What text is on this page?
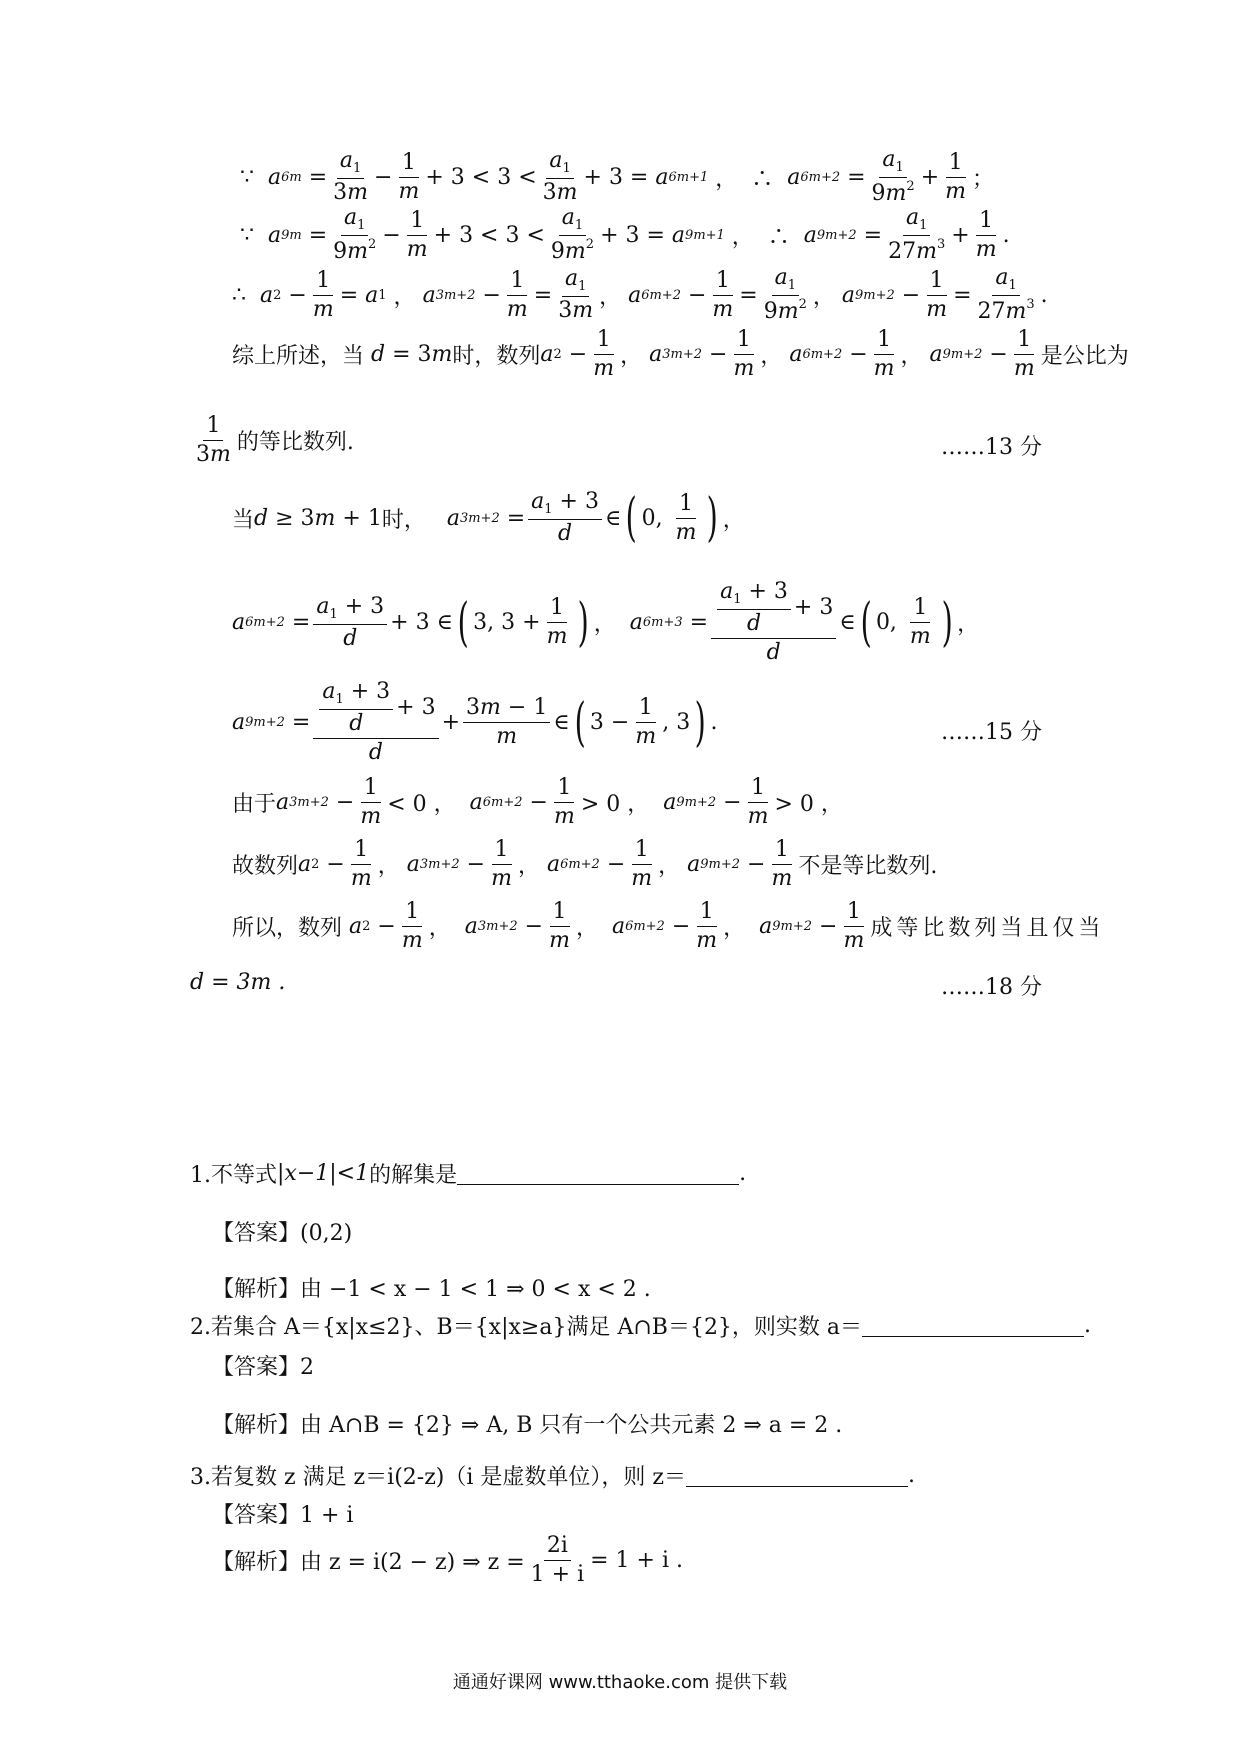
∵ a $6m = \frac{a_1}{3m} - \frac{1}{m} + 3 < 3 < \frac{a_1}{3m} + 3 = a$ 6m+1 ，  ∴ a $6m+2 = \frac{a_1}{9m^2} + \frac{1}{m}$ ；
∵ a $9m = \frac{a_1}{9m^2} - \frac{1}{m} + 3 < 3 < \frac{a_1}{9m^2} + 3 = a$ 9m+1 ，  ∴ a $9m+2 = \frac{a_1}{27m^3} + \frac{1}{m}$ .
∴ a $2 - \frac{1}{m} = a$ 1 ， a $3m+2 - \frac{1}{m} = \frac{a_1}{3m}$ ， a $6m+2 - \frac{1}{m} = \frac{a_1}{9m^2}$ ， a $9m+2 - \frac{1}{m} = \frac{a_1}{27m^3}$ .
综上所述，当 d = 3 m 时，数列 a $2 - \frac{1}{m}$ ， a $3m+2 - \frac{1}{m}$ ， a $6m+2 - \frac{1}{m}$ ， a $9m+2 - \frac{1}{m}$ 是公比为
$\frac{1}{3m}$ 的等比数列.	……13 分
当 d ≥ 3 m + 1 时，
a $3m+2 = \frac{a_1 + 3}{d}$ ∈ ( 0, $\frac{1}{m}$ ) ，
a $6m+2 = \frac{a_1 + 3}{d} + 3$ ∈ ( 3, $3 + \frac{1}{m}$ ) ， a $6m+3 = \frac{\frac{a_1 + 3}{d} + 3}{d}$ ∈ ( 0, $\frac{1}{m}$ ) ，
a $9m+2 = \frac{\frac{a_1 + 3}{d} + 3}{d} + \frac{3m - 1}{m}$ ∈ ( $3 - \frac{1}{m}$ , 3 ) .	……15 分
由于 a $3m+2 - \frac{1}{m} < 0$ ， a $6m+2 - \frac{1}{m} > 0$ ， a $9m+2 - \frac{1}{m} > 0$ ，
故数列 a $2 - \frac{1}{m}$ ， a $3m+2 - \frac{1}{m}$ ， a $6m+2 - \frac{1}{m}$ ， a $9m+2 - \frac{1}{m}$ 不是等比数列.
所以，数列
a $2 - \frac{1}{m}$ ， a $3m+2 - \frac{1}{m}$ ， a $6m+2 - \frac{1}{m}$ ， a $9m+2 - \frac{1}{m}$ 成等比数列当且仅当
d = 3m .	……18 分
1.不等式 |x−1|<1 的解集是	.
【答案】(0,2)
【解析】由 −1 < x − 1 < 1 ⇒ 0 < x < 2 .
2.若集合 A＝{x|x≤2}、B＝{x|x≥a}满足 A∩B＝{2}，则实数 a＝	.
【答案】2
【解析】由 A∩B = {2} ⇒ A, B 只有一个公共元素 2 ⇒ a = 2 .
3.若复数 z 满足 z＝i(2-z)（i 是虚数单位），则 z＝	.
【答案】1 + i
【解析】 由 z = i(2 − z) ⇒ $z = \frac{2i}{1 + i} = 1 + i$ .
通通好课网 www.tthaoke.com 提供下载
